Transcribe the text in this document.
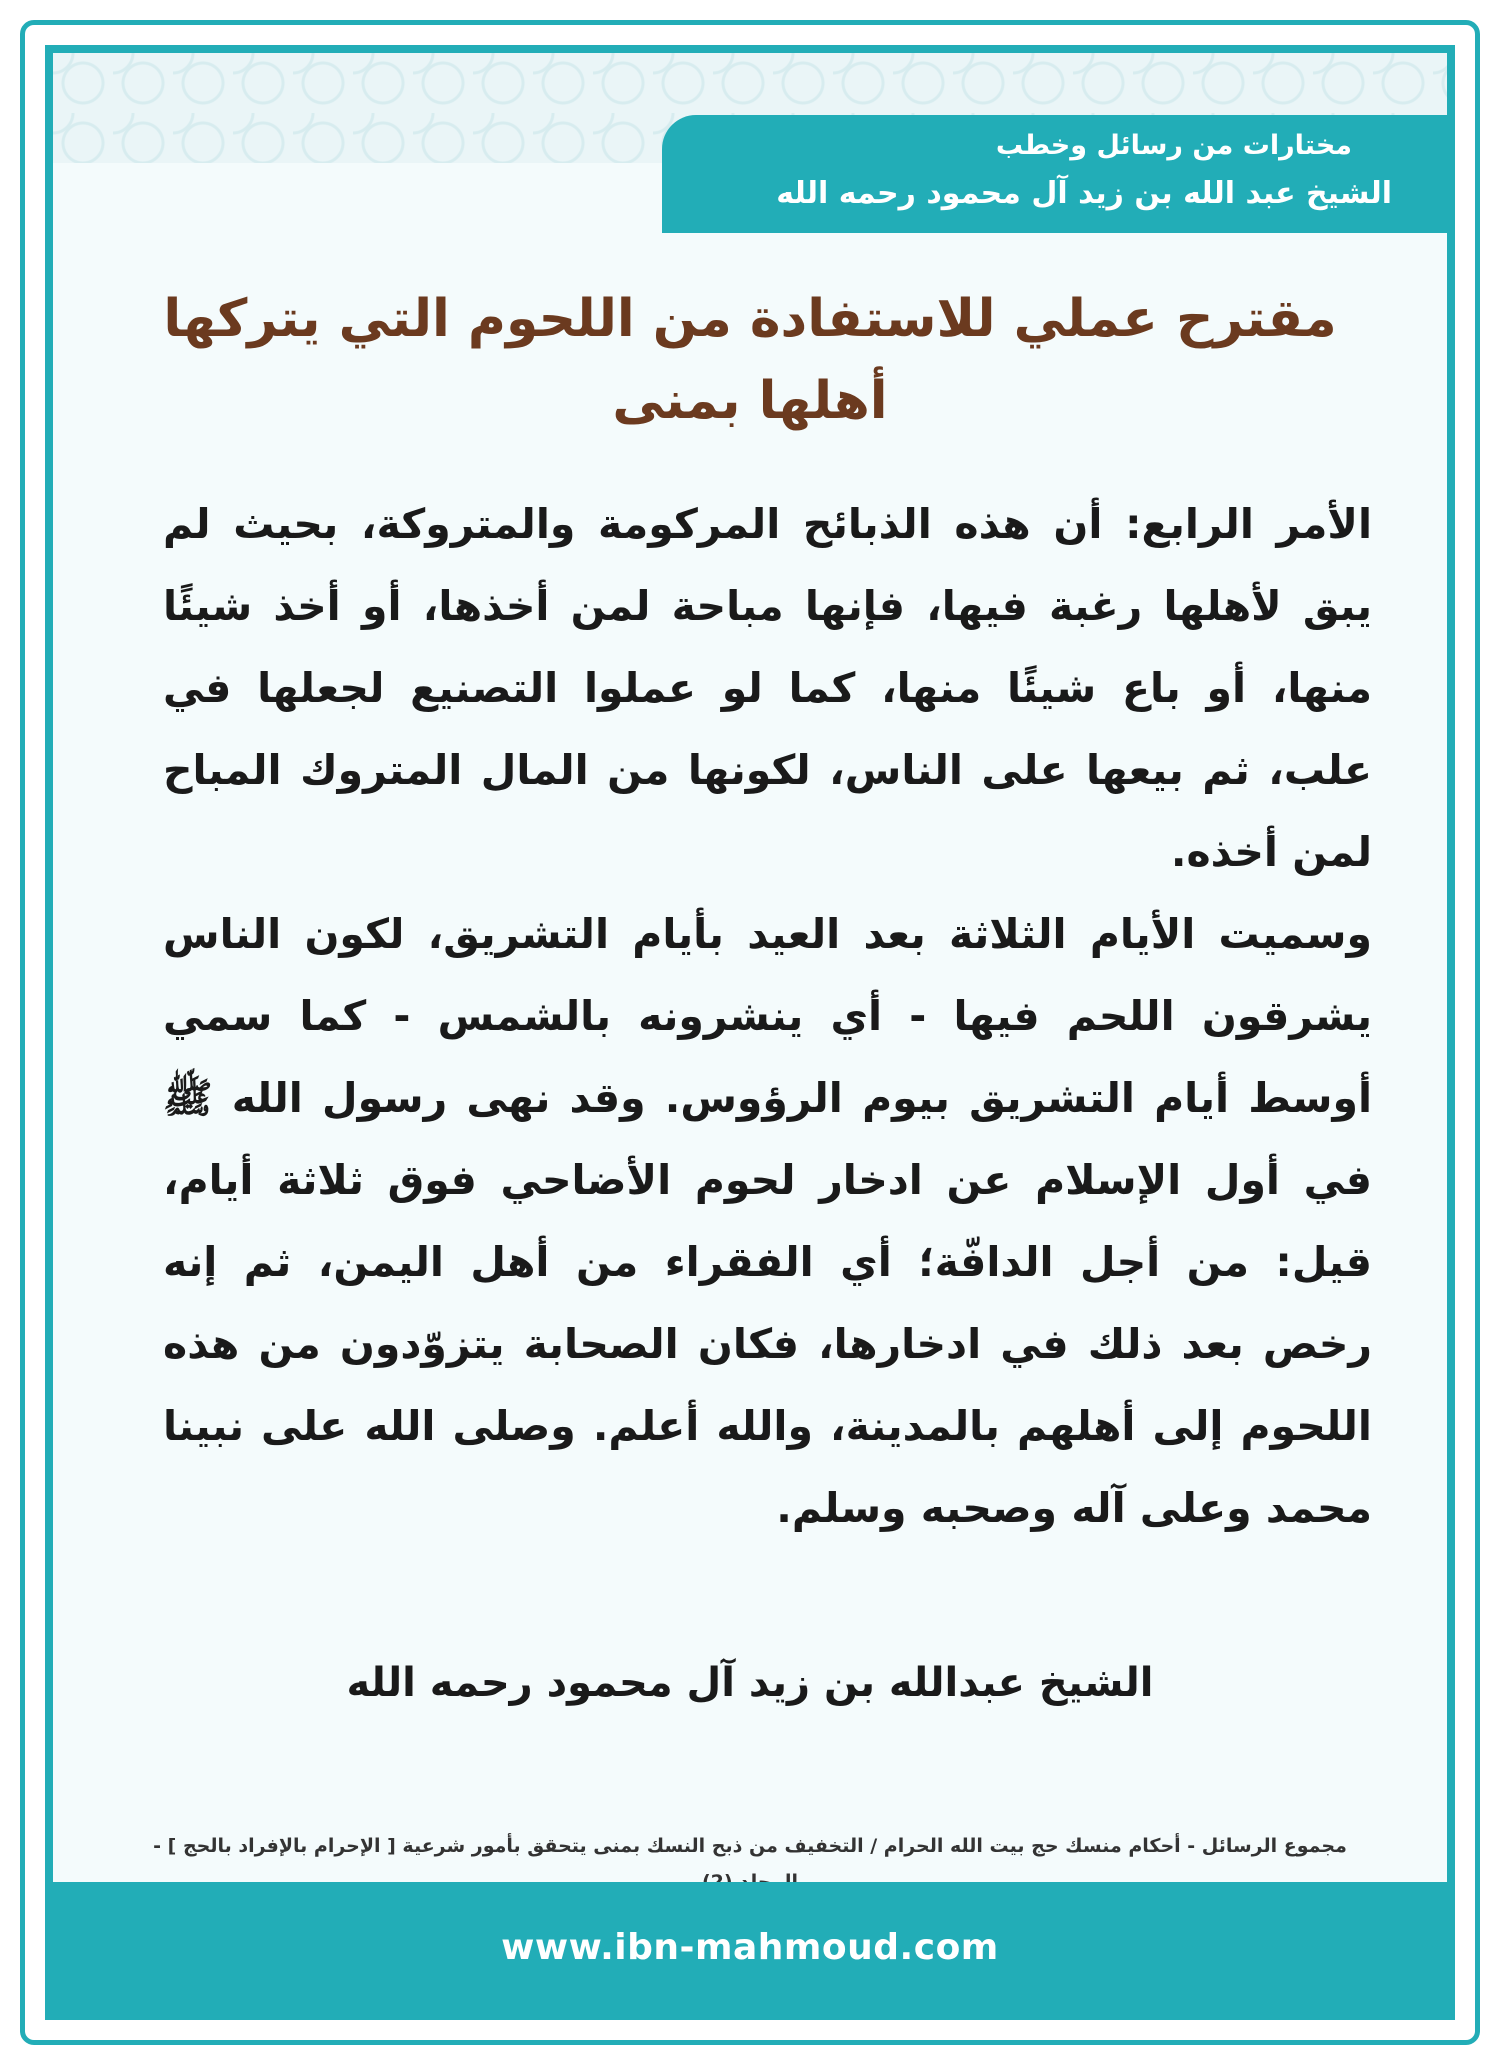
مختارات من رسائل وخطب
الشيخ عبد الله بن زيد آل محمود رحمه الله
مقترح عملي للاستفادة من اللحوم التي يتركها أهلها بمنى

الأمر الرابع: أن هذه الذبائح المركومة والمتروكة، بحيث لم يبق لأهلها رغبة فيها، فإنها مباحة لمن أخذها، أو أخذ شيئًا منها، أو باع شيئًا منها، كما لو عملوا التصنيع لجعلها في علب، ثم بيعها على الناس، لكونها من المال المتروك المباح لمن أخذه.

وسميت الأيام الثلاثة بعد العيد بأيام التشريق، لكون الناس يشرقون اللحم فيها - أي ينشرونه بالشمس - كما سمي أوسط أيام التشريق بيوم الرؤوس. وقد نهى رسول الله ﷺ في أول الإسلام عن ادخار لحوم الأضاحي فوق ثلاثة أيام، قيل: من أجل الدافّة؛ أي الفقراء من أهل اليمن، ثم إنه رخص بعد ذلك في ادخارها، فكان الصحابة يتزوّدون من هذه اللحوم إلى أهلهم بالمدينة، والله أعلم. وصلى الله على نبينا محمد وعلى آله وصحبه وسلم.

الشيخ عبدالله بن زيد آل محمود رحمه الله
مجموع الرسائل - أحكام منسك حج بيت الله الحرام / التخفيف من ذبح النسك بمنى يتحقق بأمور شرعية [ الإحرام بالإفراد بالحج ] -
www.ibn-mahmoud.com
